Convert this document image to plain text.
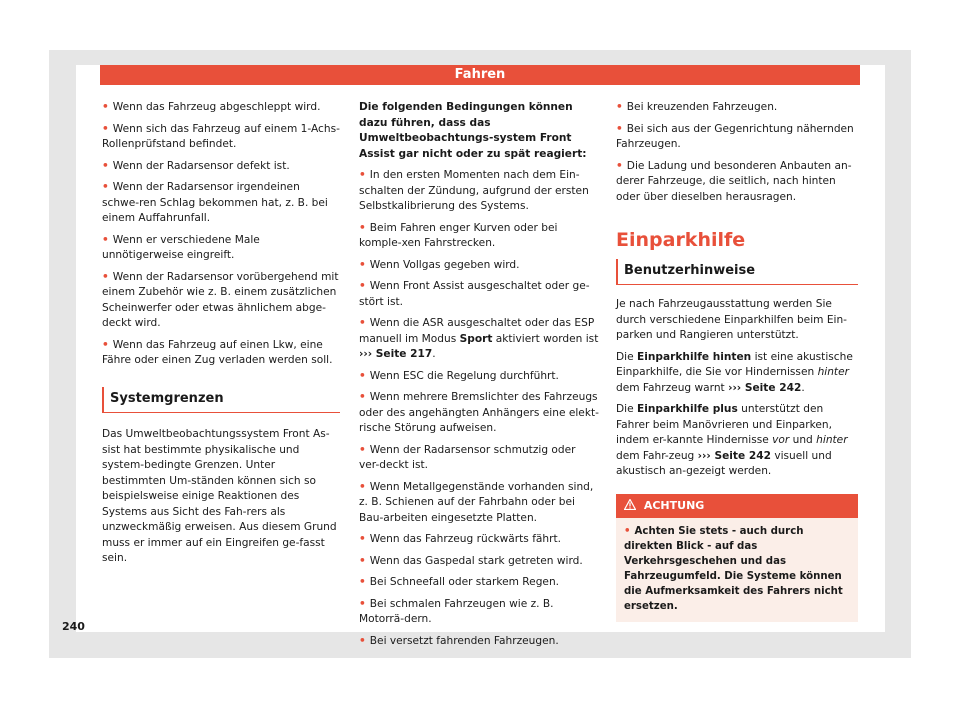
Fahren

• Wenn das Fahrzeug abgeschleppt wird.

• Wenn sich das Fahrzeug auf einem 1-Achs-Rollenprüfstand befindet.

• Wenn der Radarsensor defekt ist.

• Wenn der Radarsensor irgendeinen schwe-ren Schlag bekommen hat, z. B. bei einem Auffahrunfall.

• Wenn er verschiedene Male unnötigerweise eingreift.

• Wenn der Radarsensor vorübergehend mit einem Zubehör wie z. B. einem zusätzlichen Scheinwerfer oder etwas ähnlichem abge-deckt wird.

• Wenn das Fahrzeug auf einen Lkw, eine Fähre oder einen Zug verladen werden soll.

Systemgrenzen

Das Umweltbeobachtungssystem Front As-sist hat bestimmte physikalische und system-bedingte Grenzen. Unter bestimmten Um-ständen können sich so beispielsweise einige Reaktionen des Systems aus Sicht des Fah-rers als unzweckmäßig erweisen. Aus diesem Grund muss er immer auf ein Eingreifen ge-fasst sein.

Die folgenden Bedingungen können dazu führen, dass das Umweltbeobachtungs-system Front Assist gar nicht oder zu spät reagiert:

• In den ersten Momenten nach dem Ein-schalten der Zündung, aufgrund der ersten Selbstkalibrierung des Systems.

• Beim Fahren enger Kurven oder bei komple-xen Fahrstrecken.

• Wenn Vollgas gegeben wird.

• Wenn Front Assist ausgeschaltet oder ge-stört ist.

• Wenn die ASR ausgeschaltet oder das ESP manuell im Modus Sport aktiviert worden ist ››› Seite 217.

• Wenn ESC die Regelung durchführt.

• Wenn mehrere Bremslichter des Fahrzeugs oder des angehängten Anhängers eine elekt-rische Störung aufweisen.

• Wenn der Radarsensor schmutzig oder ver-deckt ist.

• Wenn Metallgegenstände vorhanden sind, z. B. Schienen auf der Fahrbahn oder bei Bau-arbeiten eingesetzte Platten.

• Wenn das Fahrzeug rückwärts fährt.

• Wenn das Gaspedal stark getreten wird.

• Bei Schneefall oder starkem Regen.

• Bei schmalen Fahrzeugen wie z. B. Motorrä-dern.

• Bei versetzt fahrenden Fahrzeugen.

• Bei kreuzenden Fahrzeugen.

• Bei sich aus der Gegenrichtung nähernden Fahrzeugen.

• Die Ladung und besonderen Anbauten an-derer Fahrzeuge, die seitlich, nach hinten oder über dieselben herausragen.

Einparkhilfe
Benutzerhinweise

Je nach Fahrzeugausstattung werden Sie durch verschiedene Einparkhilfen beim Ein-parken und Rangieren unterstützt.

Die Einparkhilfe hinten ist eine akustische Einparkhilfe, die Sie vor Hindernissen hinter dem Fahrzeug warnt ››› Seite 242.

Die Einparkhilfe plus unterstützt den Fahrer beim Manövrieren und Einparken, indem er-kannte Hindernisse vor und hinter dem Fahr-zeug ››› Seite 242 visuell und akustisch an-gezeigt werden.

ACHTUNG
• Achten Sie stets - auch durch direkten Blick - auf das Verkehrsgeschehen und das Fahrzeugumfeld. Die Systeme können die Aufmerksamkeit des Fahrers nicht ersetzen.
240
